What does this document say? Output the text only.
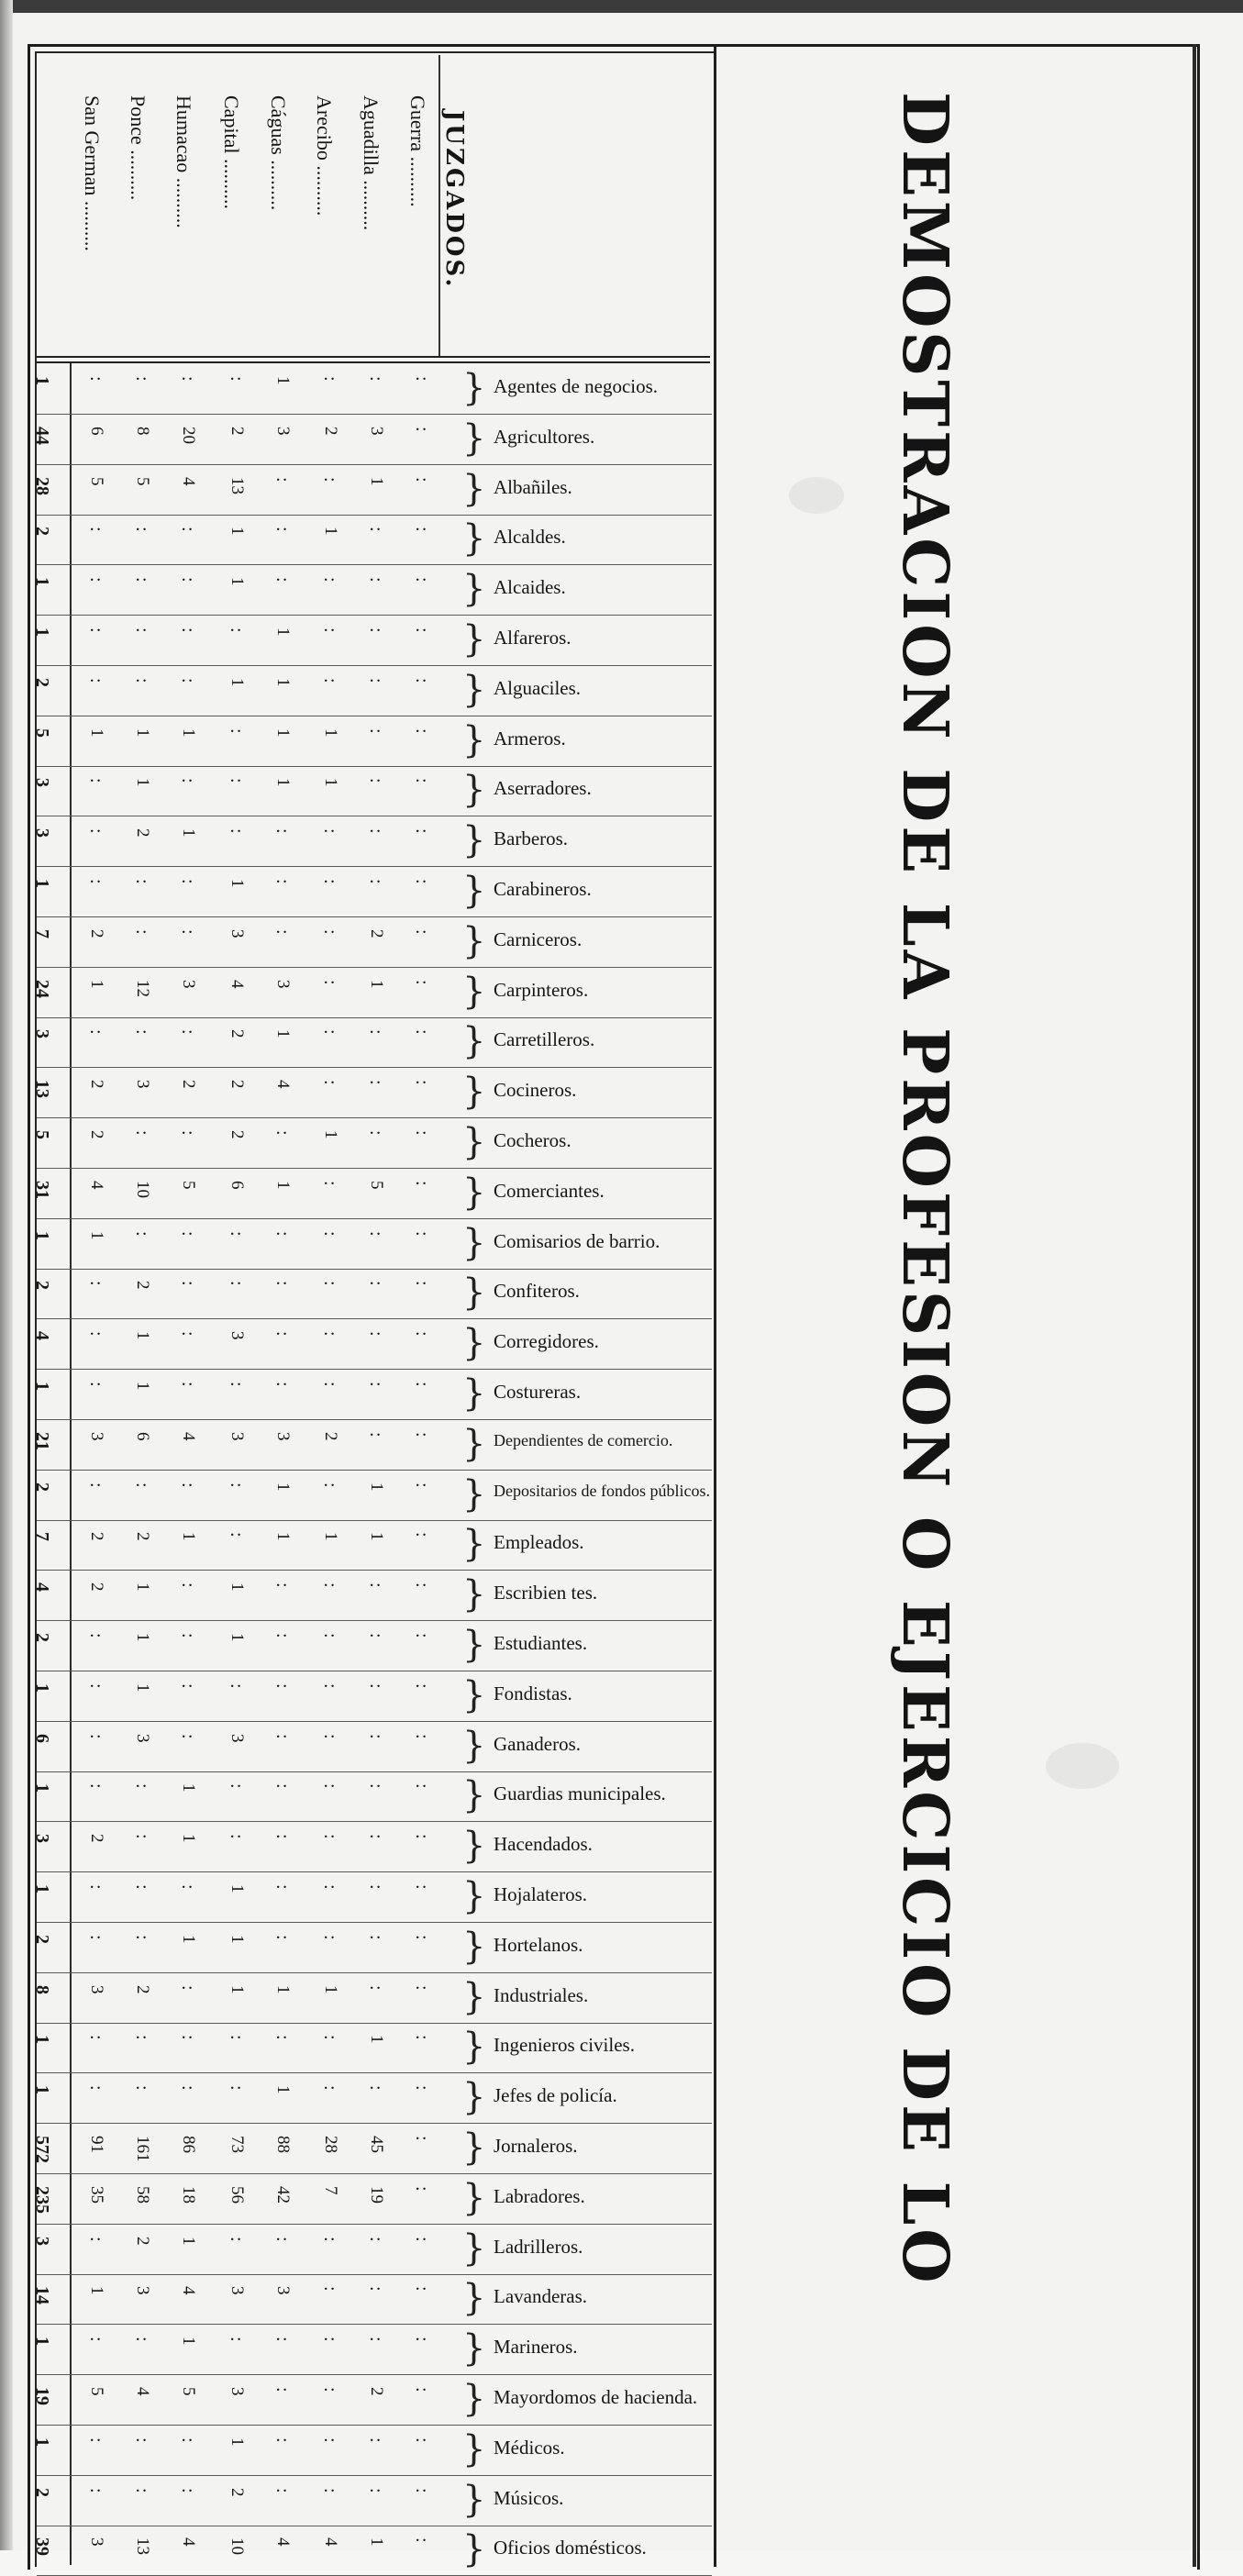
DEMOSTRACION DE LA PROFESION O EJERCICIO DE LO
JUZGADOS.
Guerra ..........
Aguadilla ..........
Arecibo ..........
Cáguas ..........
Capital ..........
Humacao ..........
Ponce ..........
San German ..........
} Agentes de negocios.
:
:
:
1
:
:
:
:
1
} Agricultores.
:
3
2
3
2
20
8
6
44
} Albañiles.
:
1
:
:
13
4
5
5
28
} Alcaldes.
:
:
1
:
1
:
:
:
2
} Alcaides.
:
:
:
:
1
:
:
:
1
} Alfareros.
:
:
:
1
:
:
:
:
1
} Alguaciles.
:
:
:
1
1
:
:
:
2
} Armeros.
:
:
1
1
:
1
1
1
5
} Aserradores.
:
:
1
1
:
:
1
:
3
} Barberos.
:
:
:
:
:
1
2
:
3
} Carabineros.
:
:
:
:
1
:
:
:
1
} Carniceros.
:
2
:
:
3
:
:
2
7
} Carpinteros.
:
1
:
3
4
3
12
1
24
} Carretilleros.
:
:
:
1
2
:
:
:
3
} Cocineros.
:
:
:
4
2
2
3
2
13
} Cocheros.
:
:
1
:
2
:
:
2
5
} Comerciantes.
:
5
:
1
6
5
10
4
31
} Comisarios de barrio.
:
:
:
:
:
:
:
1
1
} Confiteros.
:
:
:
:
:
:
2
:
2
} Corregidores.
:
:
:
:
3
:
1
:
4
} Costureras.
:
:
:
:
:
:
1
:
1
} Dependientes de comercio.
:
:
2
3
3
4
6
3
21
} Depositarios de fondos públicos.
:
1
:
1
:
:
:
:
2
} Empleados.
:
1
1
1
:
1
2
2
7
} Escribien tes.
:
:
:
:
1
:
1
2
4
} Estudiantes.
:
:
:
:
1
:
1
:
2
} Fondistas.
:
:
:
:
:
:
1
:
1
} Ganaderos.
:
:
:
:
3
:
3
:
6
} Guardias municipales.
:
:
:
:
:
1
:
:
1
} Hacendados.
:
:
:
:
:
1
:
2
3
} Hojalateros.
:
:
:
:
1
:
:
:
1
} Hortelanos.
:
:
:
:
1
1
:
:
2
} Industriales.
:
:
1
1
1
:
2
3
8
} Ingenieros civiles.
:
1
:
:
:
:
:
:
1
} Jefes de policía.
:
:
:
1
:
:
:
:
1
} Jornaleros.
:
45
28
88
73
86
161
91
572
} Labradores.
:
19
7
42
56
18
58
35
235
} Ladrilleros.
:
:
:
:
:
1
2
:
3
} Lavanderas.
:
:
:
3
3
4
3
1
14
} Marineros.
:
:
:
:
:
1
:
:
1
} Mayordomos de hacienda.
:
2
:
:
3
5
4
5
19
} Médicos.
:
:
:
:
1
:
:
:
1
} Músicos.
:
:
:
:
2
:
:
:
2
} Oficios domésticos.
:
1
4
4
10
4
13
3
39
